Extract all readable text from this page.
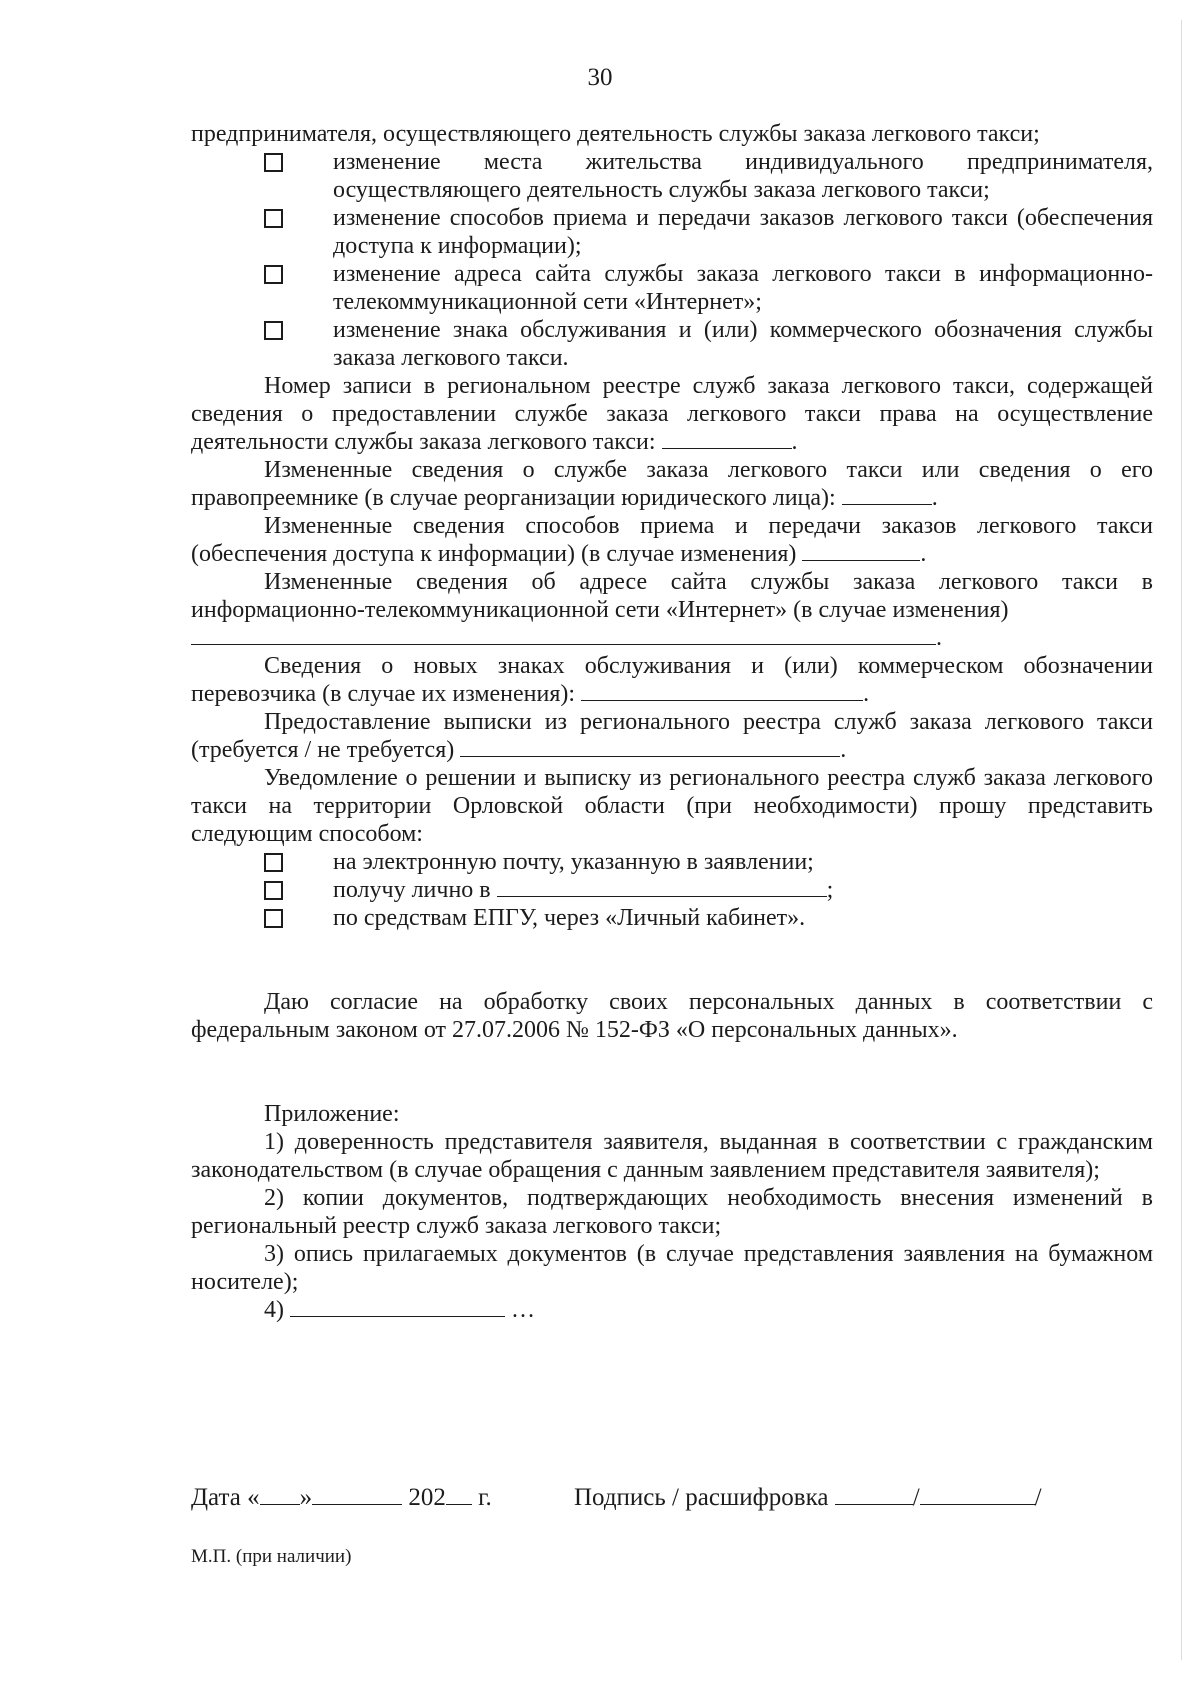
30

предпринимателя, осуществляющего деятельность службы заказа легкового такси;

изменение места жительства индивидуального предпринимателя, осуществляющего деятельность службы заказа легкового такси;

изменение способов приема и передачи заказов легкового такси (обеспечения доступа к информации);

изменение адреса сайта службы заказа легкового такси в информационно-телекоммуникационной сети «Интернет»;

изменение знака обслуживания и (или) коммерческого обозначения службы заказа легкового такси.

Номер записи в региональном реестре служб заказа легкового такси, содержащей сведения о предоставлении службе заказа легкового такси права на осуществление деятельности службы заказа легкового такси:	.

Измененные сведения о службе заказа легкового такси или сведения о его правопреемнике (в случае реорганизации юридического лица):	.

Измененные сведения способов приема и передачи заказов легкового такси (обеспечения доступа к информации) (в случае изменения)	.

Измененные сведения об адресе сайта службы заказа легкового такси в информационно-телекоммуникационной сети «Интернет» (в случае изменения)

.

Сведения о новых знаках обслуживания и (или) коммерческом обозначении перевозчика (в случае их изменения):	.

Предоставление выписки из регионального реестра служб заказа легкового такси (требуется / не требуется)	.

Уведомление о решении и выписку из регионального реестра служб заказа легкового такси на территории Орловской области (при необходимости) прошу представить следующим способом:

на электронную почту, указанную в заявлении;

получу лично в	;

по средствам ЕПГУ, через «Личный кабинет».

Даю согласие на обработку своих персональных данных в соответствии с федеральным законом от 27.07.2006 № 152-ФЗ «О персональных данных».

Приложение:

1) доверенность представителя заявителя, выданная в соответствии с гражданским законодательством (в случае обращения с данным заявлением представителя заявителя);

2) копии документов, подтверждающих необходимость внесения изменений в региональный реестр служб заказа легкового такси;

3) опись прилагаемых документов (в случае представления заявления на бумажном носителе);

4)	…

Дата « »	202 г.	Подпись / расшифровка	/	/
М.П. (при наличии)
